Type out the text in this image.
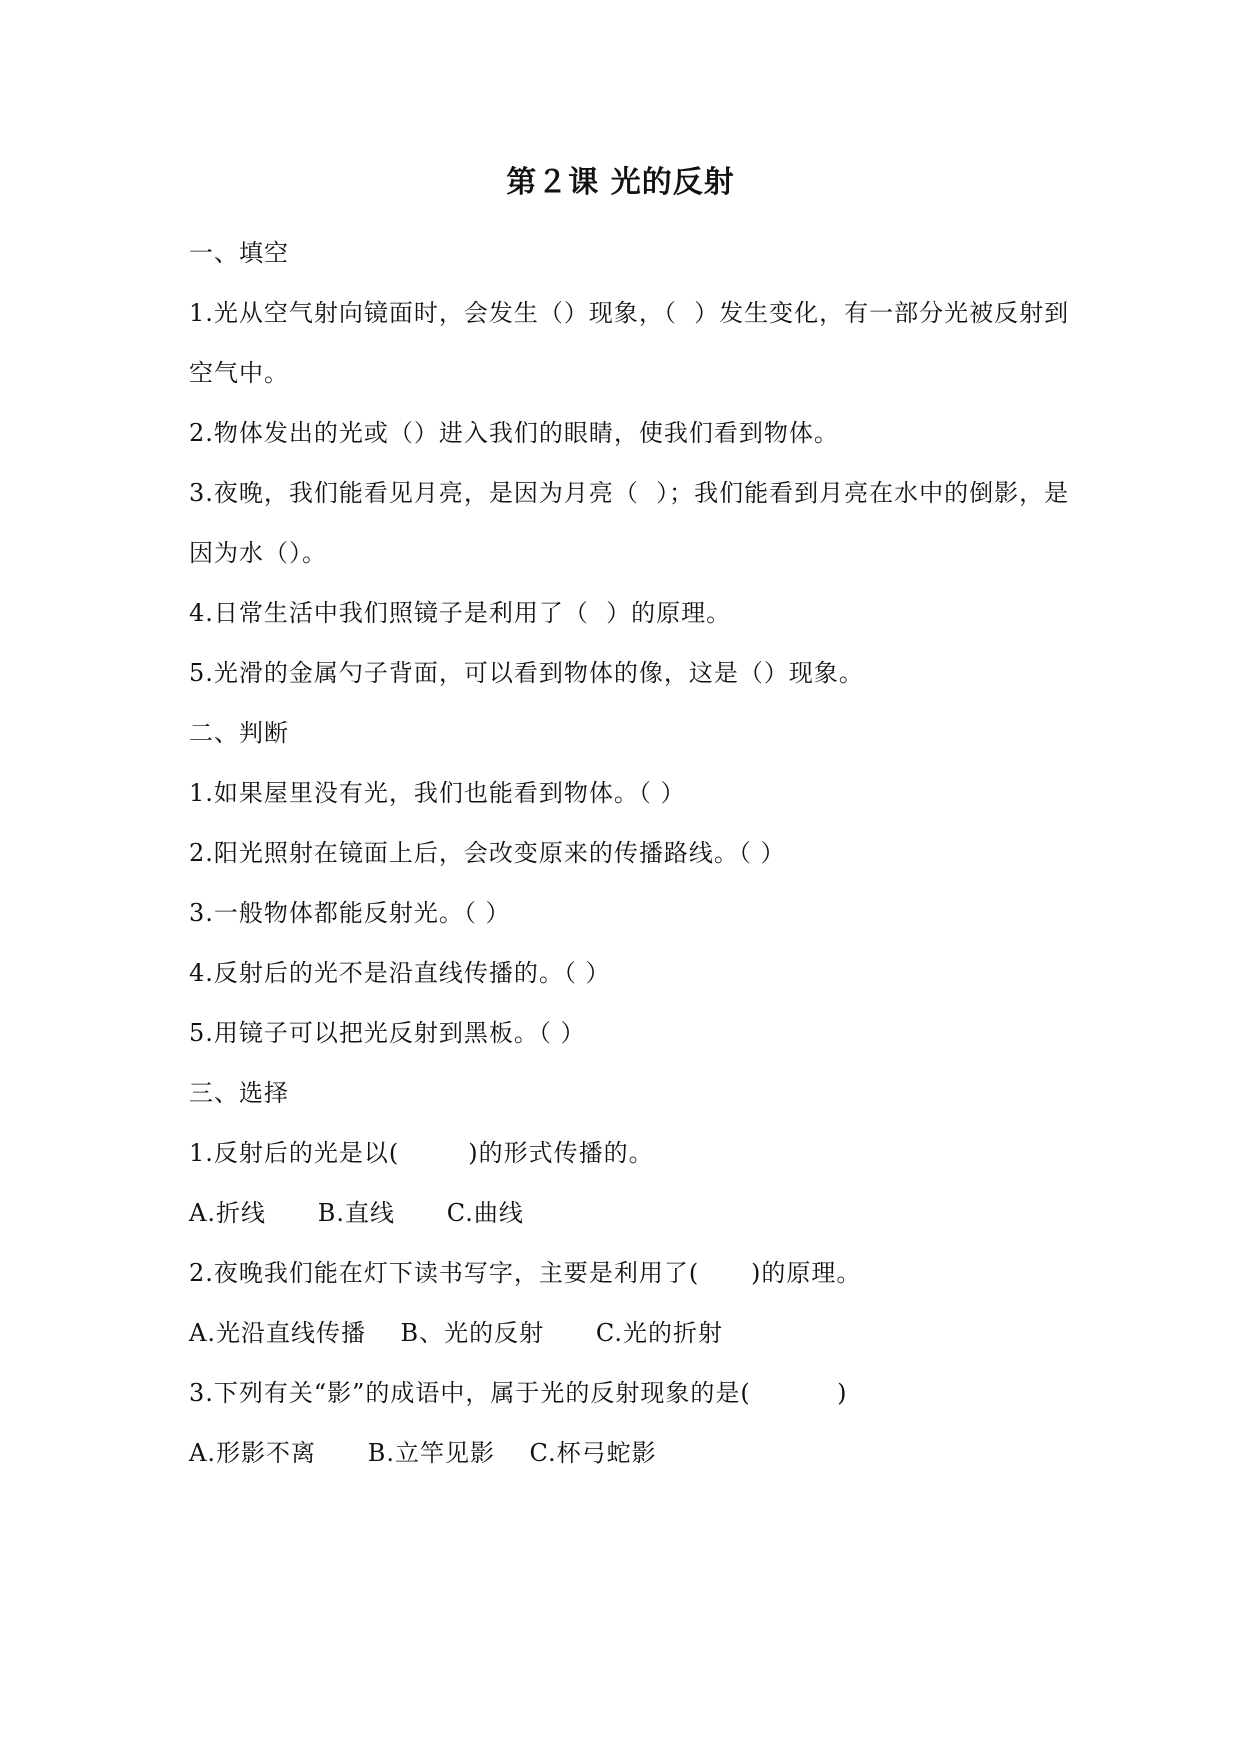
第２课 光的反射
一、填空
1.光从空气射向镜面时，会发生（）现象，（  ）发生变化，有一部分光被反射到
空气中。
2.物体发出的光或（）进入我们的眼睛，使我们看到物体。
3.夜晚，我们能看见月亮，是因为月亮（  ）；我们能看到月亮在水中的倒影，是
因为水（）。
4.日常生活中我们照镜子是利用了（  ）的原理。
5.光滑的金属勺子背面，可以看到物体的像，这是（）现象。
二、判断
1.如果屋里没有光，我们也能看到物体。（ ）
2.阳光照射在镜面上后，会改变原来的传播路线。（ ）
3.一般物体都能反射光。（ ）
4.反射后的光不是沿直线传播的。（ ）
5.用镜子可以把光反射到黑板。（ ）
三、选择
1.反射后的光是以(        )的形式传播的。
A.折线      B.直线      C.曲线
2.夜晚我们能在灯下读书写字，主要是利用了(      )的原理。
A.光沿直线传播    B、光的反射      C.光的折射
3.下列有关“影”的成语中，属于光的反射现象的是(          )
A.形影不离      B.立竿见影    C.杯弓蛇影
